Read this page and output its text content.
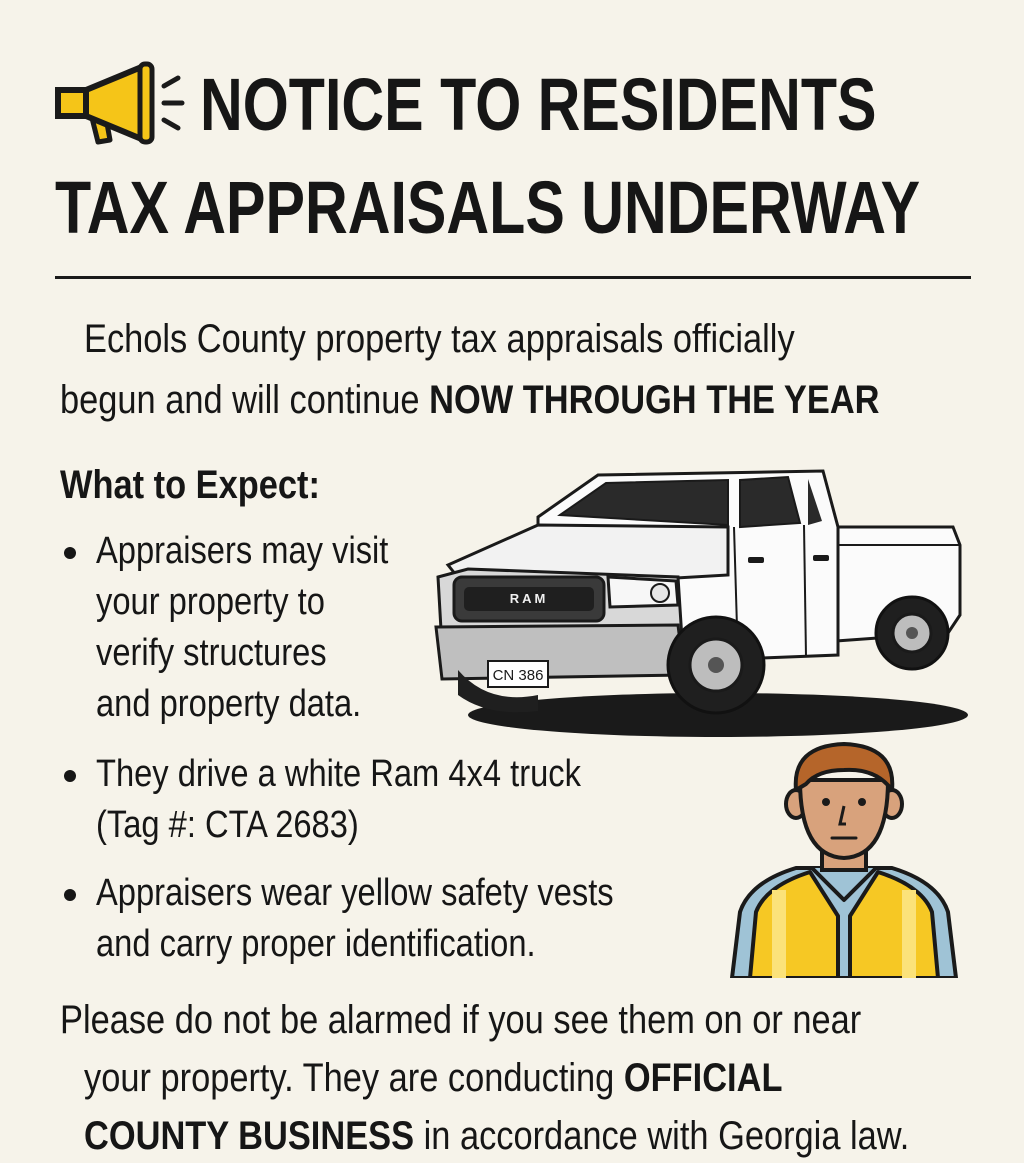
NOTICE TO RESIDENTS
TAX APPRAISALS UNDERWAY
Echols County property tax appraisals officially
begun and will continue NOW THROUGH THE YEAR
What to Expect:
Appraisers may visit
your property to
verify structures
and property data.
They drive a white Ram 4x4 truck
(Tag #: CTA 2683)
Appraisers wear yellow safety vests
and carry proper identification.
RAM
CN 386
Please do not be alarmed if you see them on or near
your property. They are conducting OFFICIAL
COUNTY BUSINESS in accordance with Georgia law.
